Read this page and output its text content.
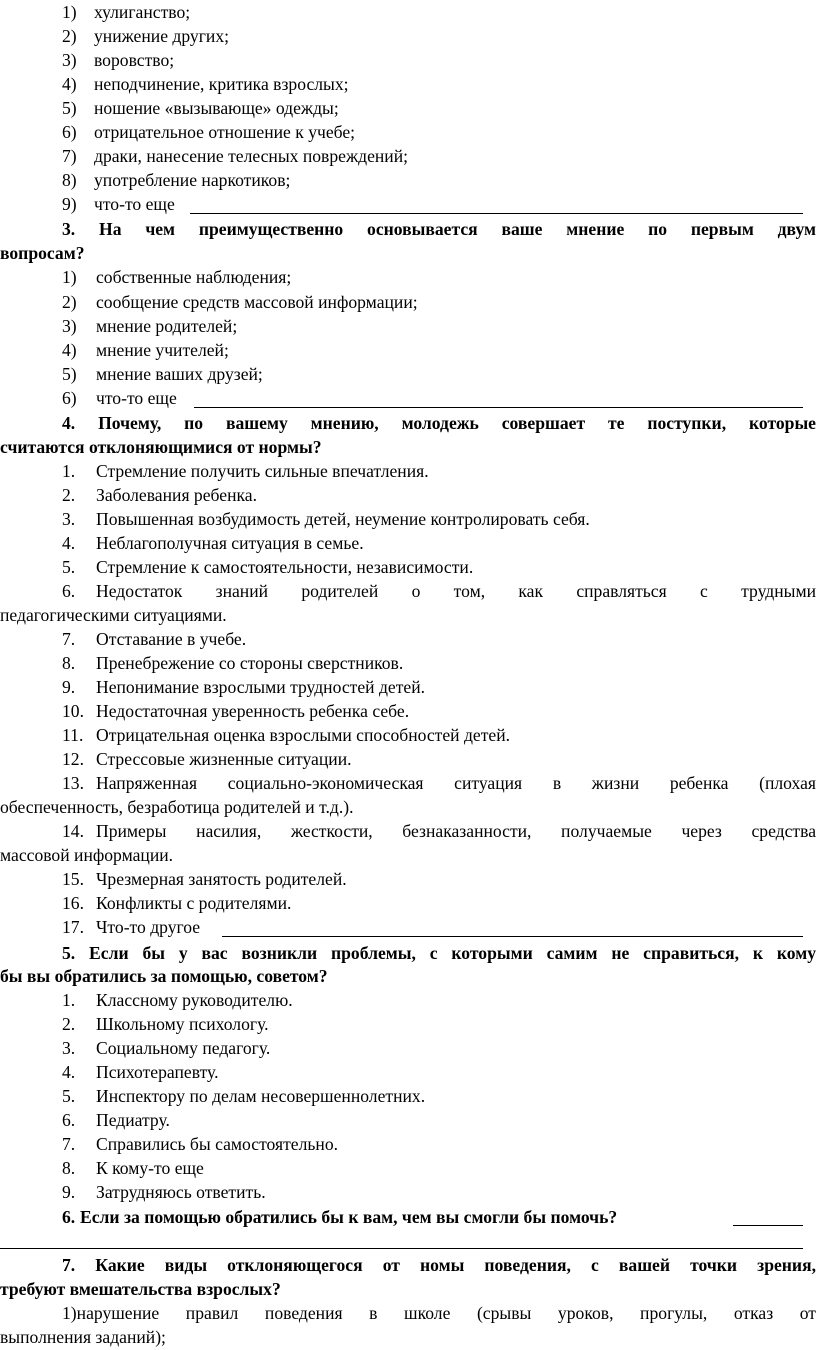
1) хулиганство;
2) унижение других;
3) воровство;
4) неподчинение, критика взрослых;
5) ношение «вызывающе» одежды;
6) отрицательное отношение к учебе;
7) драки, нанесение телесных повреждений;
8) употребление наркотиков;
9) что-то еще
3. На чем преимущественно основывается ваше мнение по первым двум
вопросам?
1) собственные наблюдения;
2) сообщение средств массовой информации;
3) мнение родителей;
4) мнение учителей;
5) мнение ваших друзей;
6) что-то еще
4. Почему, по вашему мнению, молодежь совершает те поступки, которые
считаются отклоняющимися от нормы?
1. Стремление получить сильные впечатления.
2. Заболевания ребенка.
3. Повышенная возбудимость детей, неумение контролировать себя.
4. Неблагополучная ситуация в семье.
5. Стремление к самостоятельности, независимости.
6. Недостаток знаний родителей о том, как справляться с трудными
педагогическими ситуациями.
7. Отставание в учебе.
8. Пренебрежение со стороны сверстников.
9. Непонимание взрослыми трудностей детей.
10. Недостаточная уверенность ребенка себе.
11. Отрицательная оценка взрослыми способностей детей.
12. Стрессовые жизненные ситуации.
13. Напряженная социально-экономическая ситуация в жизни ребенка (плохая
обеспеченность, безработица родителей и т.д.).
14. Примеры насилия, жесткости, безнаказанности, получаемые через средства
массовой информации.
15. Чрезмерная занятость родителей.
16. Конфликты с родителями.
17. Что-то другое
5. Если бы у вас возникли проблемы, с которыми самим не справиться, к кому
бы вы обратились за помощью, советом?
1. Классному руководителю.
2. Школьному психологу.
3. Социальному педагогу.
4. Психотерапевту.
5. Инспектору по делам несовершеннолетних.
6. Педиатру.
7. Справились бы самостоятельно.
8. К кому-то еще
9. Затрудняюсь ответить.
6. Если за помощью обратились бы к вам, чем вы смогли бы помочь?
7. Какие виды отклоняющегося от номы поведения, с вашей точки зрения,
требуют вмешательства взрослых?
1)нарушение правил поведения в школе (срывы уроков, прогулы, отказ от
выполнения заданий);
